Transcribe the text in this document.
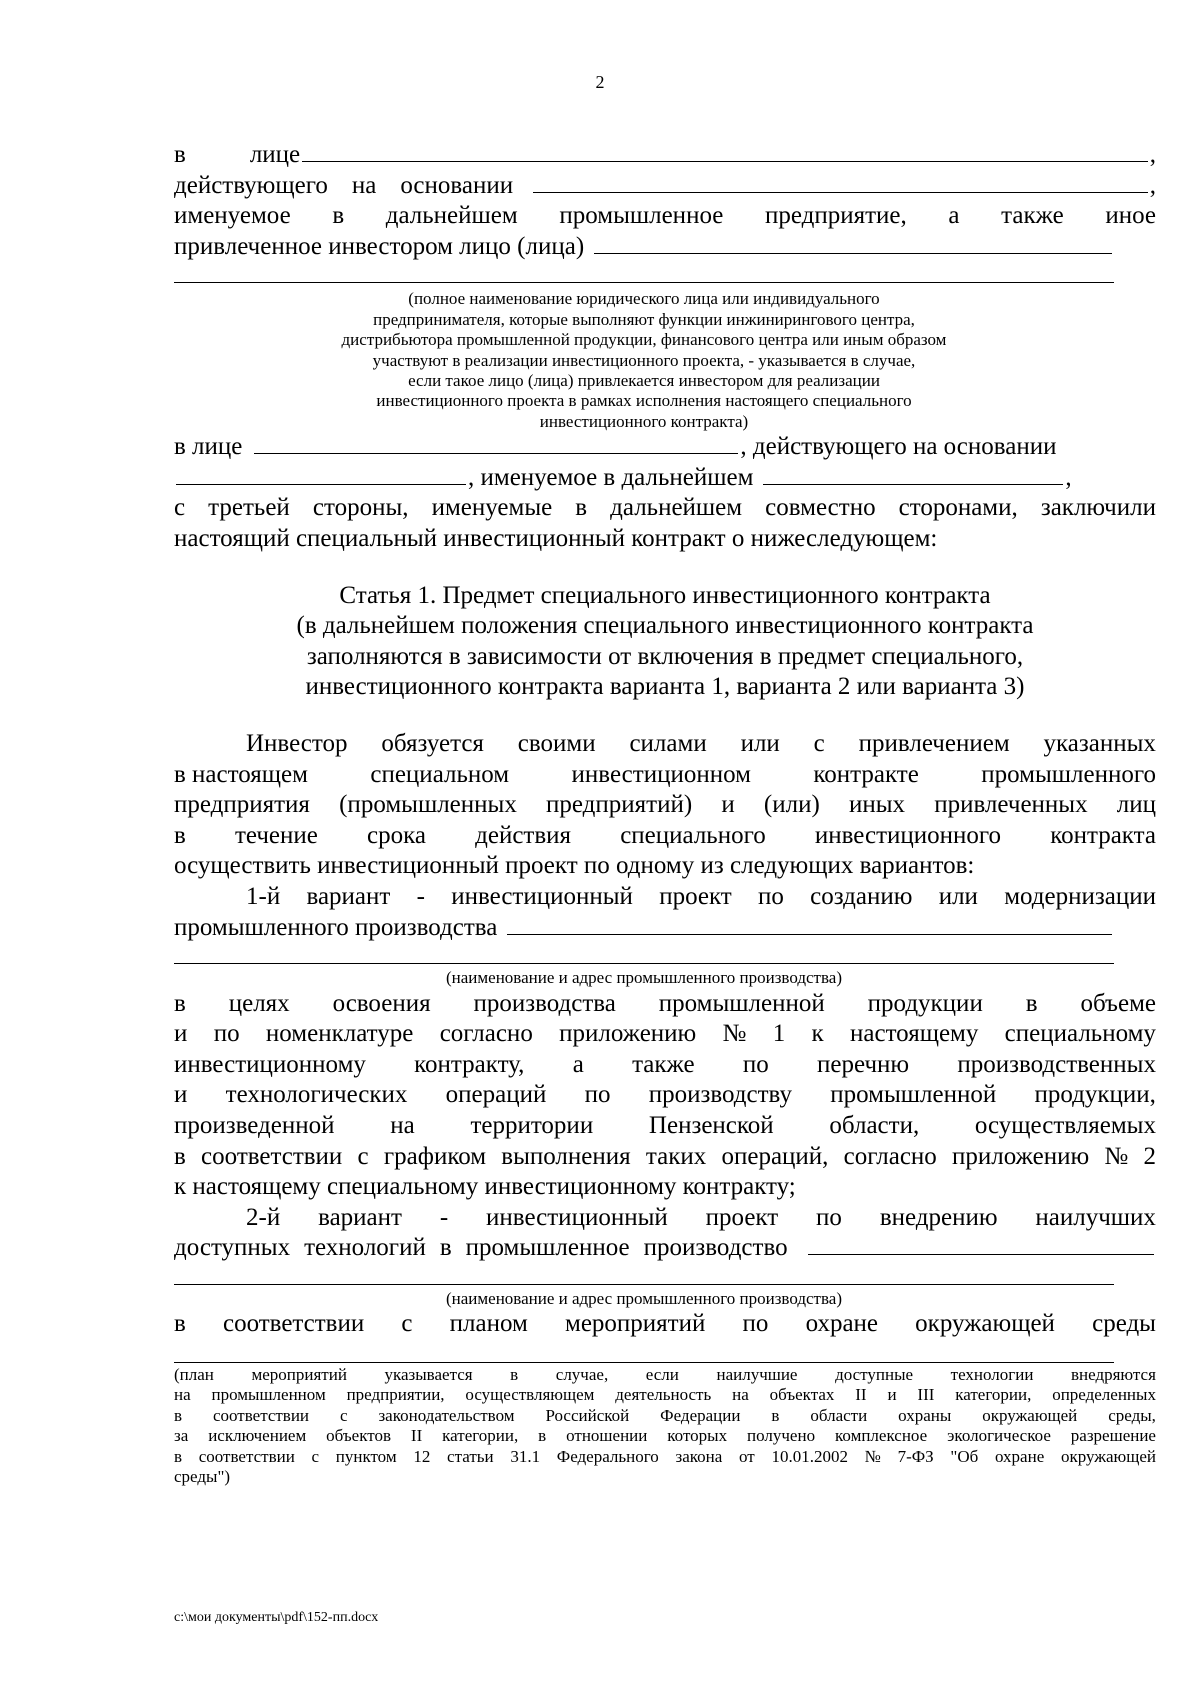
2
в	лице	,
действующего на основании	,
именуемое в дальнейшем промышленное предприятие, а также иное
привлеченное инвестором лицо (лица)
(полное наименование юридического лица или индивидуального
предпринимателя, которые выполняют функции инжинирингового центра,
дистрибьютора промышленной продукции, финансового центра или иным образом
участвуют в реализации инвестиционного проекта, - указывается в случае,
если такое лицо (лица) привлекается инвестором для реализации
инвестиционного проекта в рамках исполнения настоящего специального
инвестиционного контракта)
в лице	, действующего на основании
, именуемое в дальнейшем	,
с третьей стороны, именуемые в дальнейшем совместно сторонами, заключили
настоящий специальный инвестиционный контракт о нижеследующем:
Статья 1. Предмет специального инвестиционного контракта
(в дальнейшем положения специального инвестиционного контракта
заполняются в зависимости от включения в предмет специального,
инвестиционного контракта варианта 1, варианта 2 или варианта 3)
Инвестор обязуется своими силами или с привлечением указанных
в настоящем специальном инвестиционном контракте промышленного
предприятия (промышленных предприятий) и (или) иных привлеченных лиц
в течение срока действия специального инвестиционного контракта
осуществить инвестиционный проект по одному из следующих вариантов:
1-й вариант - инвестиционный проект по созданию или модернизации
промышленного производства
(наименование и адрес промышленного производства)
в целях освоения производства промышленной продукции в объеме
и по номенклатуре согласно приложению № 1 к настоящему специальному
инвестиционному контракту, а также по перечню производственных
и технологических операций по производству промышленной продукции,
произведенной на территории Пензенской области, осуществляемых
в соответствии с графиком выполнения таких операций, согласно приложению № 2
к настоящему специальному инвестиционному контракту;
2-й вариант - инвестиционный проект по внедрению наилучших
доступных технологий в промышленное производство
(наименование и адрес промышленного производства)
в соответствии с планом мероприятий по охране окружающей среды
(план мероприятий указывается в случае, если наилучшие доступные технологии внедряются
на промышленном предприятии, осуществляющем деятельность на объектах II и III категории, определенных
в соответствии с законодательством Российской Федерации в области охраны окружающей среды,
за исключением объектов II категории, в отношении которых получено комплексное экологическое разрешение
в соответствии с пунктом 12 статьи 31.1 Федерального закона от 10.01.2002 № 7-ФЗ "Об охране окружающей
среды")
c:\мои документы\pdf\152-пп.docx
